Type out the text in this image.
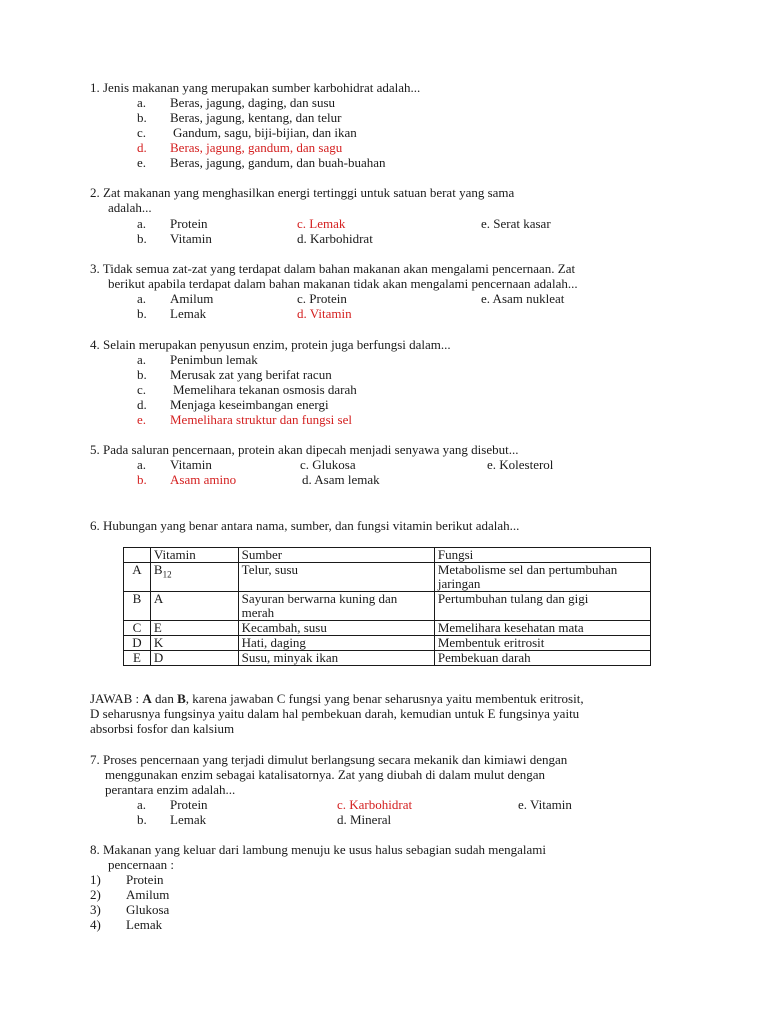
1. Jenis makanan yang merupakan sumber karbohidrat adalah...
a. Beras, jagung, daging, dan susu
b. Beras, jagung, kentang, dan telur
c. Gandum, sagu, biji-bijian, dan ikan
d. Beras, jagung, gandum, dan sagu
e. Beras, jagung, gandum, dan buah-buahan
2. Zat makanan yang menghasilkan energi tertinggi untuk satuan berat yang sama
adalah...
a. Protein	c. Lemak	e. Serat kasar
b. Vitamin	d. Karbohidrat
3. Tidak semua zat-zat yang terdapat dalam bahan makanan akan mengalami pencernaan. Zat
berikut apabila terdapat dalam bahan makanan tidak akan mengalami pencernaan adalah...
a. Amilum	c. Protein	e. Asam nukleat
b. Lemak	d. Vitamin
4. Selain merupakan penyusun enzim, protein juga berfungsi dalam...
a. Penimbun lemak
b. Merusak zat yang berifat racun
c. Memelihara tekanan osmosis darah
d. Menjaga keseimbangan energi
e. Memelihara struktur dan fungsi sel
5. Pada saluran pencernaan, protein akan dipecah menjadi senyawa yang disebut...
a. Vitamin	c. Glukosa	e. Kolesterol
b. Asam amino	d. Asam lemak
6. Hubungan yang benar antara nama, sumber, dan fungsi vitamin berikut adalah...
	Vitamin	Sumber	Fungsi
A	$B_{12}$	Telur, susu	Metabolisme sel dan pertumbuhan jaringan
B	A	Sayuran berwarna kuning dan merah	Pertumbuhan tulang dan gigi
C	E	Kecambah, susu	Memelihara kesehatan mata
D	K	Hati, daging	Membentuk eritrosit
E	D	Susu, minyak ikan	Pembekuan darah
JAWAB : A dan B, karena jawaban C fungsi yang benar seharusnya yaitu membentuk eritrosit,
D seharusnya fungsinya yaitu dalam hal pembekuan darah, kemudian untuk E fungsinya yaitu
absorbsi fosfor dan kalsium
7. Proses pencernaan yang terjadi dimulut berlangsung secara mekanik dan kimiawi dengan
menggunakan enzim sebagai katalisatornya. Zat yang diubah di dalam mulut dengan
perantara enzim adalah...
a. Protein	c. Karbohidrat	e. Vitamin
b. Lemak	d. Mineral
8. Makanan yang keluar dari lambung menuju ke usus halus sebagian sudah mengalami
pencernaan :
1) Protein
2) Amilum
3) Glukosa
4) Lemak
